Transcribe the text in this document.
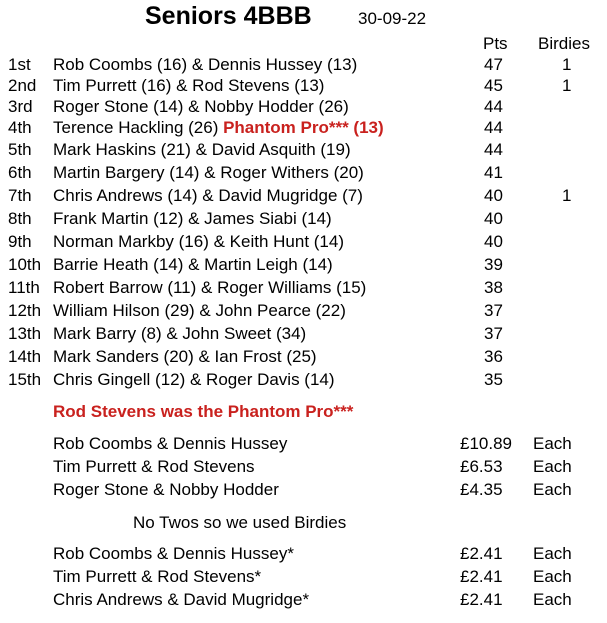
Seniors 4BBB	30-09-22
Pts Birdies
1st Rob Coombs (16) & Dennis Hussey (13)	47	1
2nd Tim Purrett (16) & Rod Stevens (13)	45	1
3rd Roger Stone (14) & Nobby Hodder (26)	44
4th Terence Hackling (26) Phantom Pro*** (13)	44
5th Mark Haskins (21) & David Asquith (19)	44
6th Martin Bargery (14) & Roger Withers (20)	41
7th Chris Andrews (14) & David Mugridge (7)	40	1
8th Frank Martin (12) & James Siabi (14)	40
9th Norman Markby (16) & Keith Hunt (14)	40
10th Barrie Heath (14) & Martin Leigh (14)	39
11th Robert Barrow (11) & Roger Williams (15)	38
12th William Hilson (29) & John Pearce (22)	37
13th Mark Barry (8) & John Sweet (34)	37
14th Mark Sanders (20) & Ian Frost (25)	36
15th Chris Gingell (12) & Roger Davis (14)	35
Rod Stevens was the Phantom Pro***
Rob Coombs & Dennis Hussey	£10.89 Each
Tim Purrett & Rod Stevens	£6.53 Each
Roger Stone & Nobby Hodder	£4.35 Each
No Twos so we used Birdies
Rob Coombs & Dennis Hussey*	£2.41 Each
Tim Purrett & Rod Stevens*	£2.41 Each
Chris Andrews & David Mugridge*	£2.41 Each
